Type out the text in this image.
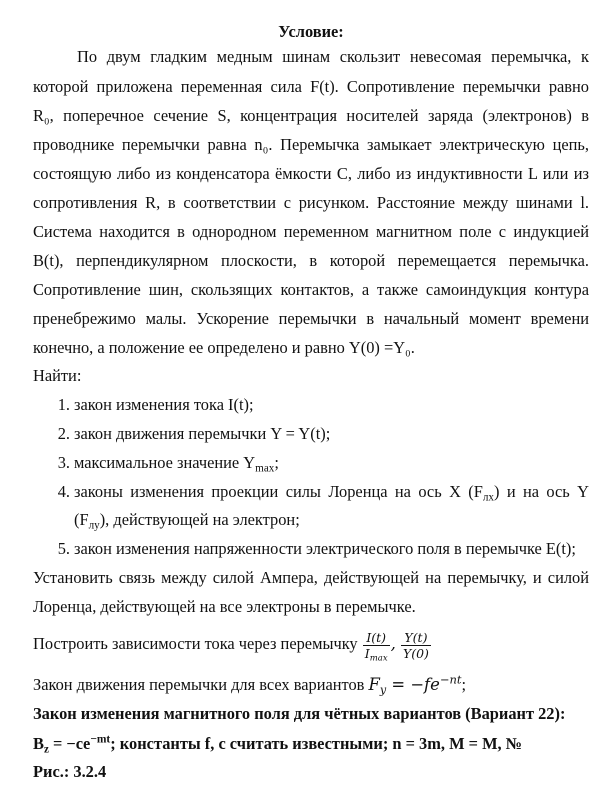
Условие:
По двум гладким медным шинам скользит невесомая перемычка, к
которой приложена переменная сила F(t). Сопротивление перемычки равно
R₀, поперечное сечение S, концентрация носителей заряда (электронов) в
проводнике перемычки равна n₀. Перемычка замыкает электрическую цепь,
состоящую либо из конденсатора ёмкости C, либо из индуктивности L или из
сопротивления R, в соответствии с рисунком. Расстояние между шинами l.
Система находится в однородном переменном магнитном поле с индукцией
B(t), перпендикулярном плоскости, в которой перемещается перемычка.
Сопротивление шин, скользящих контактов, а также самоиндукция контура
пренебрежимо малы. Ускорение перемычки в начальный момент времени
конечно, а положение ее определено и равно Y(0) =Y₀.
Найти:
1. закон изменения тока I(t);
2. закон движения перемычки Y = Y(t);
3. максимальное значение $Y_{max}$;
4. законы изменения проекции силы Лоренца на ось X $(F_{лх})$ и на ось Y
$(F_{лу})$, действующей на электрон;
5. закон изменения напряженности электрического поля в перемычке E(t);
Установить связь между силой Ампера, действующей на перемычку, и силой
Лоренца, действующей на все электроны в перемычке.
Построить зависимости тока через перемычку $\frac{I(t)}{I_{max}}$ , $\frac{Y(t)}{Y(0)}$
Закон движения перемычки для всех вариантов $F_y = -fe^{-nt}$;
Закон изменения магнитного поля для чётных вариантов (Вариант 22):
$B_z = -ce^{-mt}$; константы f, с считать известными; n = 3m, M = M, №
Рис.: 3.2.4
